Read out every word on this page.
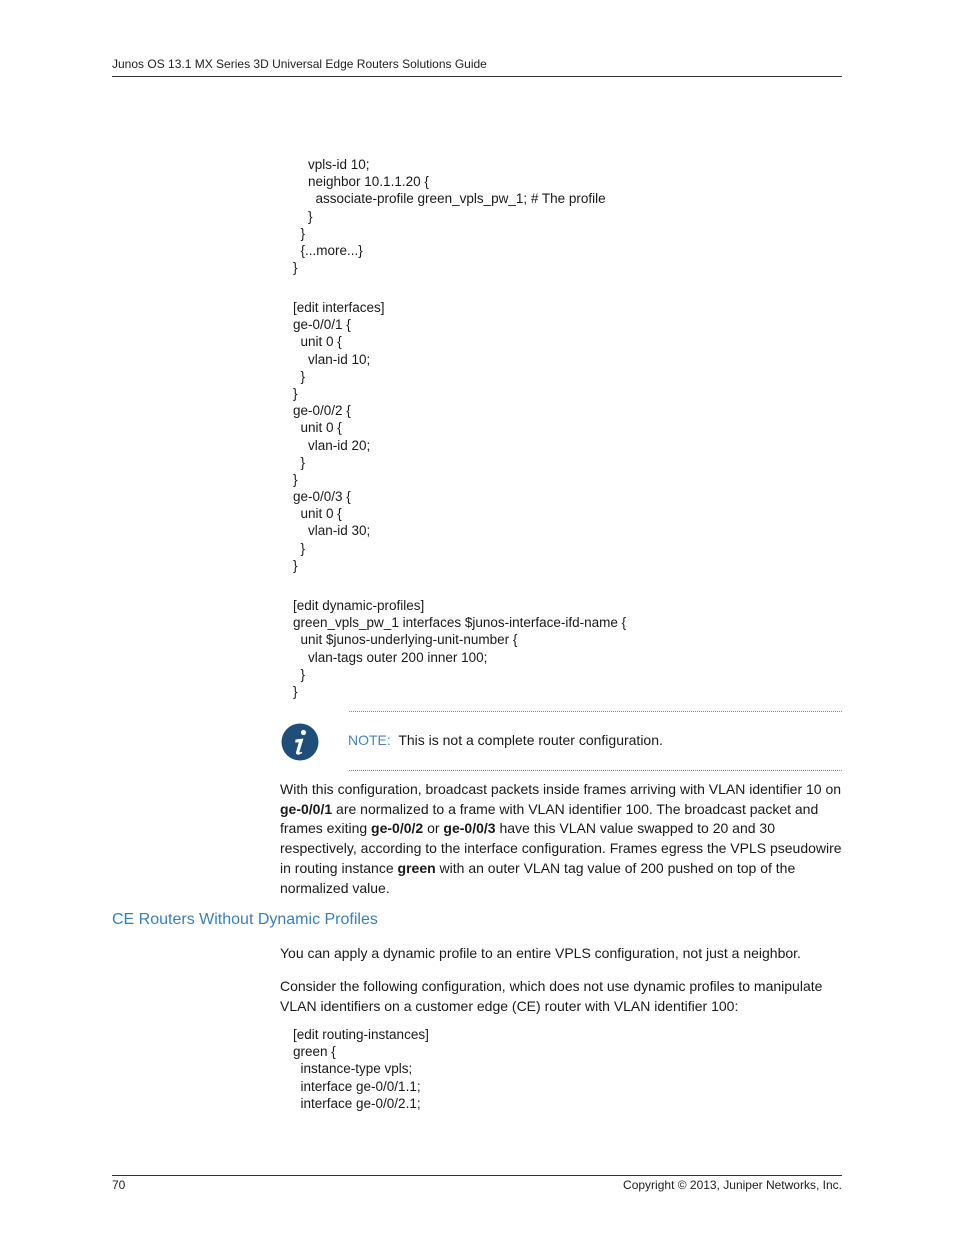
Junos OS 13.1 MX Series 3D Universal Edge Routers Solutions Guide
vpls-id 10;
neighbor 10.1.1.20 {
associate-profile green_vpls_pw_1; # The profile
}
}
{...more...}
}
[edit interfaces]
ge-0/0/1 {
unit 0 {
vlan-id 10;
}
}
ge-0/0/2 {
unit 0 {
vlan-id 20;
}
}
ge-0/0/3 {
unit 0 {
vlan-id 30;
}
}
[edit dynamic-profiles]
green_vpls_pw_1 interfaces $junos-interface-ifd-name {
unit $junos-underlying-unit-number {
vlan-tags outer 200 inner 100;
}
}
NOTE: This is not a complete router configuration.

With this configuration, broadcast packets inside frames arriving with VLAN identifier 10 on ge-0/0/1 are normalized to a frame with VLAN identifier 100. The broadcast packet and frames exiting ge-0/0/2 or ge-0/0/3 have this VLAN value swapped to 20 and 30 respectively, according to the interface configuration. Frames egress the VPLS pseudowire in routing instance green with an outer VLAN tag value of 200 pushed on top of the normalized value.

CE Routers Without Dynamic Profiles

You can apply a dynamic profile to an entire VPLS configuration, not just a neighbor.

Consider the following configuration, which does not use dynamic profiles to manipulate VLAN identifiers on a customer edge (CE) router with VLAN identifier 100:

[edit routing-instances]
green {
instance-type vpls;
interface ge-0/0/1.1;
interface ge-0/0/2.1;
70	Copyright © 2013, Juniper Networks, Inc.
